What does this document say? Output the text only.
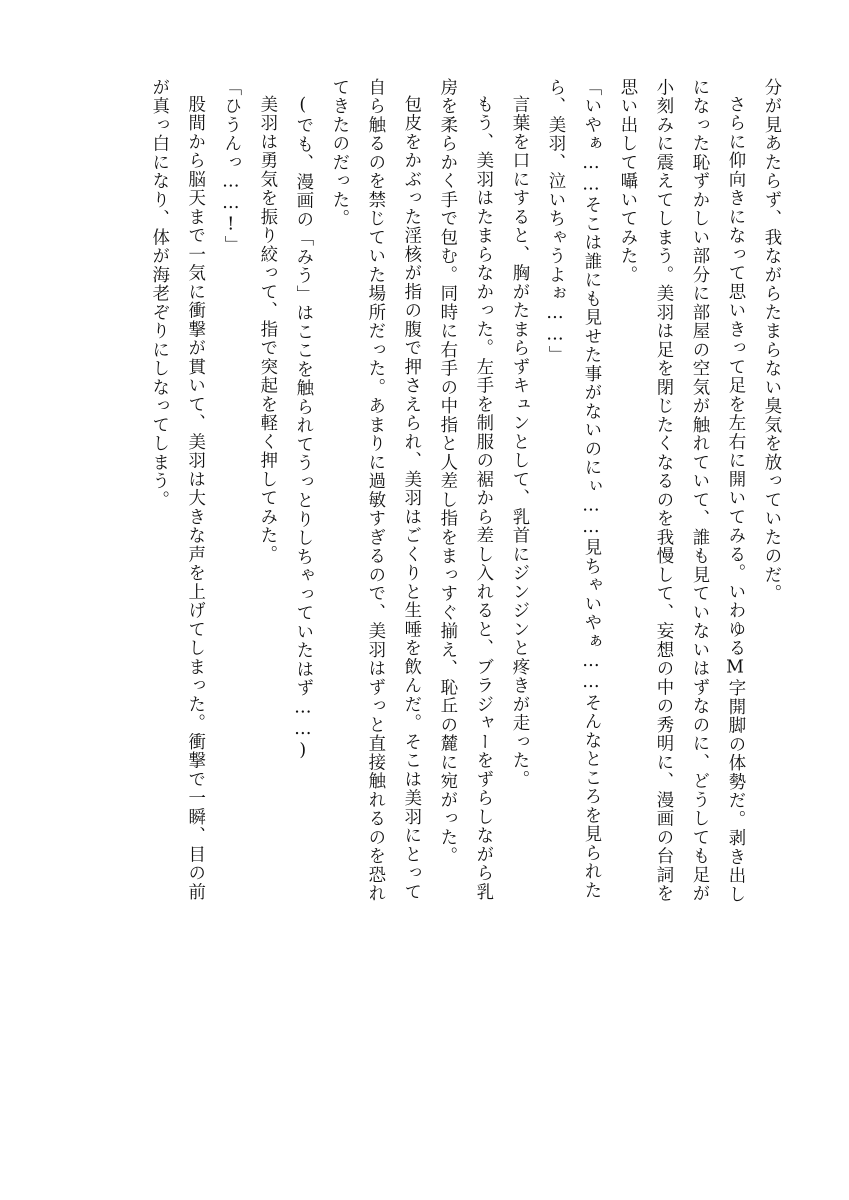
分が見あたらず、我ながらたまらない臭気を放っていたのだ。

さらに仰向きになって思いきって足を左右に開いてみる。いわゆるM字開脚の体勢だ。剥き出し

になった恥ずかしい部分に部屋の空気が触れていて、誰も見ていないはずなのに、どうしても足が

小刻みに震えてしまう。美羽は足を閉じたくなるのを我慢して、妄想の中の秀明に、漫画の台詞を

思い出して囁いてみた。

「いやぁ……そこは誰にも見せた事がないのにぃ……見ちゃいやぁ……そんなところを見られた

ら、美羽、泣いちゃうよぉ……」

言葉を口にすると、胸がたまらずキュンとして、乳首にジンジンと疼きが走った。

もう、美羽はたまらなかった。左手を制服の裾から差し入れると、ブラジャーをずらしながら乳

房を柔らかく手で包む。同時に右手の中指と人差し指をまっすぐ揃え、恥丘の麓に宛がった。

包皮をかぶった淫核が指の腹で押さえられ、美羽はごくりと生唾を飲んだ。そこは美羽にとって

自ら触るのを禁じていた場所だった。あまりに過敏すぎるので、美羽はずっと直接触れるのを恐れ

てきたのだった。

(でも、漫画の「みう」はここを触られてうっとりしちゃっていたはず……)

美羽は勇気を振り絞って、指で突起を軽く押してみた。

「ひうんっ……!」

股間から脳天まで一気に衝撃が貫いて、美羽は大きな声を上げてしまった。衝撃で一瞬、目の前

が真っ白になり、体が海老ぞりにしなってしまう。
